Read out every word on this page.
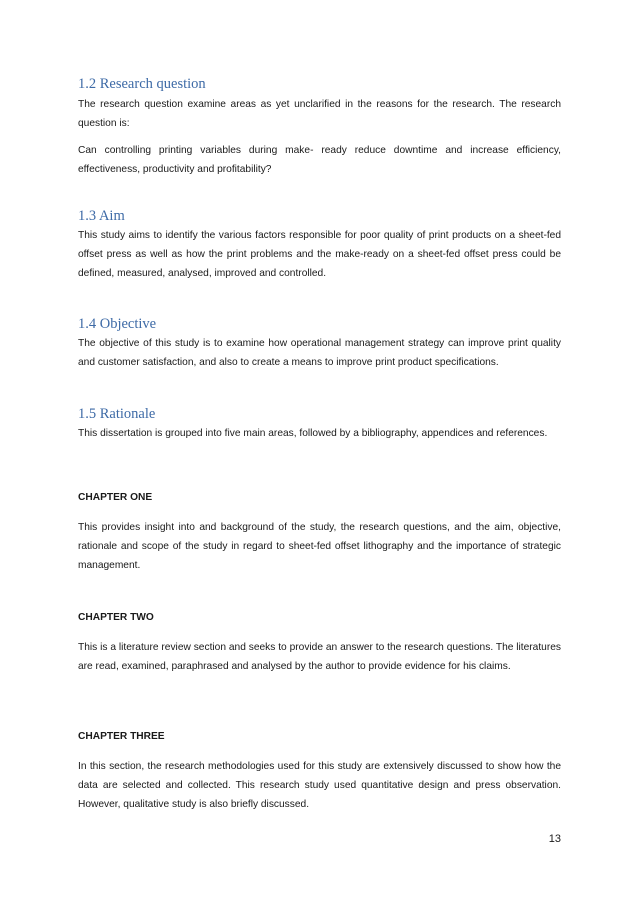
1.2 Research question

The research question examine areas as yet unclarified in the reasons for the research. The research question is:

Can controlling printing variables during make- ready reduce downtime and increase efficiency, effectiveness, productivity and profitability?

1.3 Aim

This study aims to identify the various factors responsible for poor quality of print products on a sheet-fed offset press as well as how the print problems and the make-ready on a sheet-fed offset press could be defined, measured, analysed, improved and controlled.

1.4 Objective

The objective of this study is to examine how operational management strategy can improve print quality and customer satisfaction, and also to create a means to improve print product specifications.

1.5 Rationale

This dissertation is grouped into five main areas, followed by a bibliography, appendices and references.

CHAPTER ONE

This provides insight into and background of the study, the research questions, and the aim, objective, rationale and scope of the study in regard to sheet-fed offset lithography and the importance of strategic management.

CHAPTER TWO

This is a literature review section and seeks to provide an answer to the research questions. The literatures are read, examined, paraphrased and analysed by the author to provide evidence for his claims.

CHAPTER THREE

In this section, the research methodologies used for this study are extensively discussed to show how the data are selected and collected. This research study used quantitative design and press observation. However, qualitative study is also briefly discussed.

13
